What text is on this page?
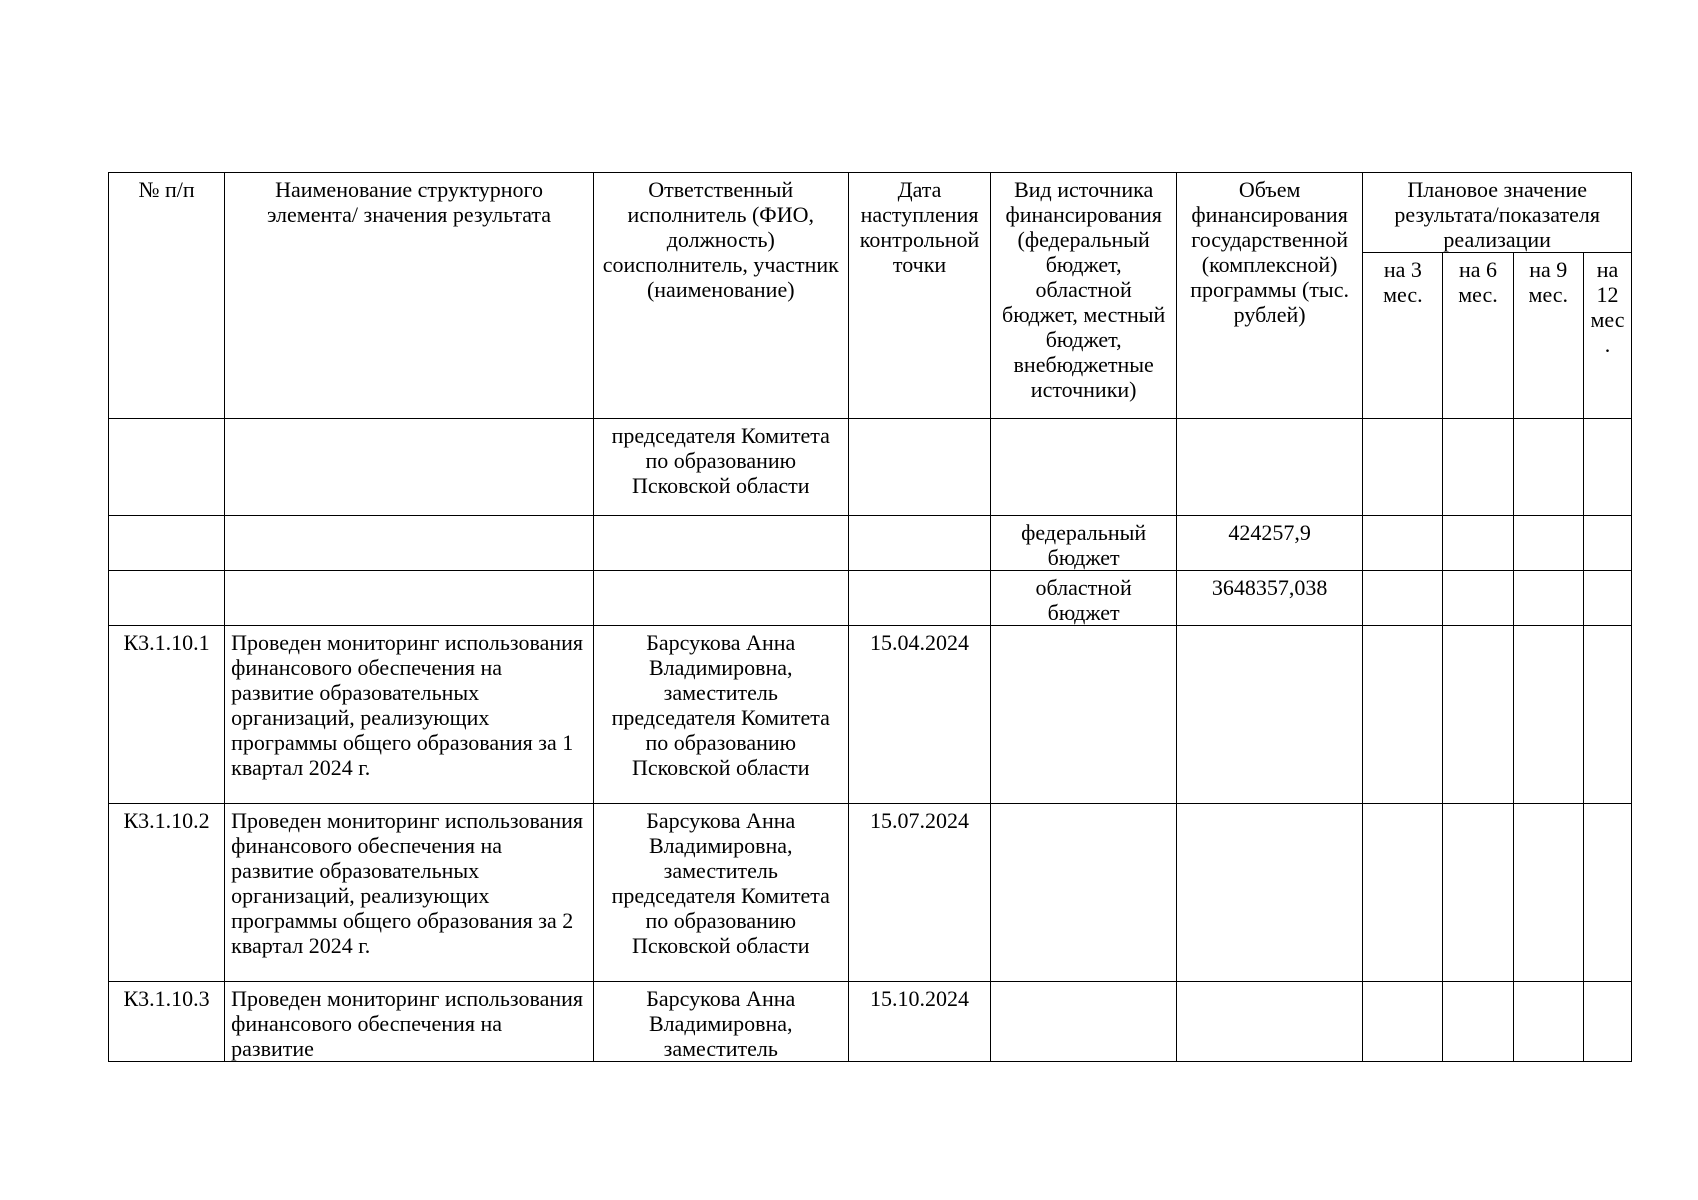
№ п/п	Наименование структурного элемента/ значения результата	Ответственный исполнитель (ФИО, должность) соисполнитель, участник (наименование)	Дата наступления контрольной точки	Вид источника финансирования (федеральный бюджет, областной бюджет, местный бюджет, внебюджетные источники)	Объем финансирования государственной (комплексной) программы (тыс. рублей)	Плановое значение результата/показателя реализации			
						на 3 мес.	на 6 мес.	на 9 мес.	на 12 мес.
		председателя Комитета по образованию Псковской области							
				федеральный бюджет	424257,9				
				областной бюджет	3648357,038				
К3.1.10.1	Проведен мониторинг использования финансового обеспечения на развитие образовательных организаций, реализующих программы общего образования за 1 квартал 2024 г.	Барсукова Анна Владимировна, заместитель председателя Комитета по образованию Псковской области	15.04.2024						
К3.1.10.2	Проведен мониторинг использования финансового обеспечения на развитие образовательных организаций, реализующих программы общего образования за 2 квартал 2024 г.	Барсукова Анна Владимировна, заместитель председателя Комитета по образованию Псковской области	15.07.2024						
К3.1.10.3	Проведен мониторинг использования финансового обеспечения на развитие	Барсукова Анна Владимировна, заместитель	15.10.2024						
